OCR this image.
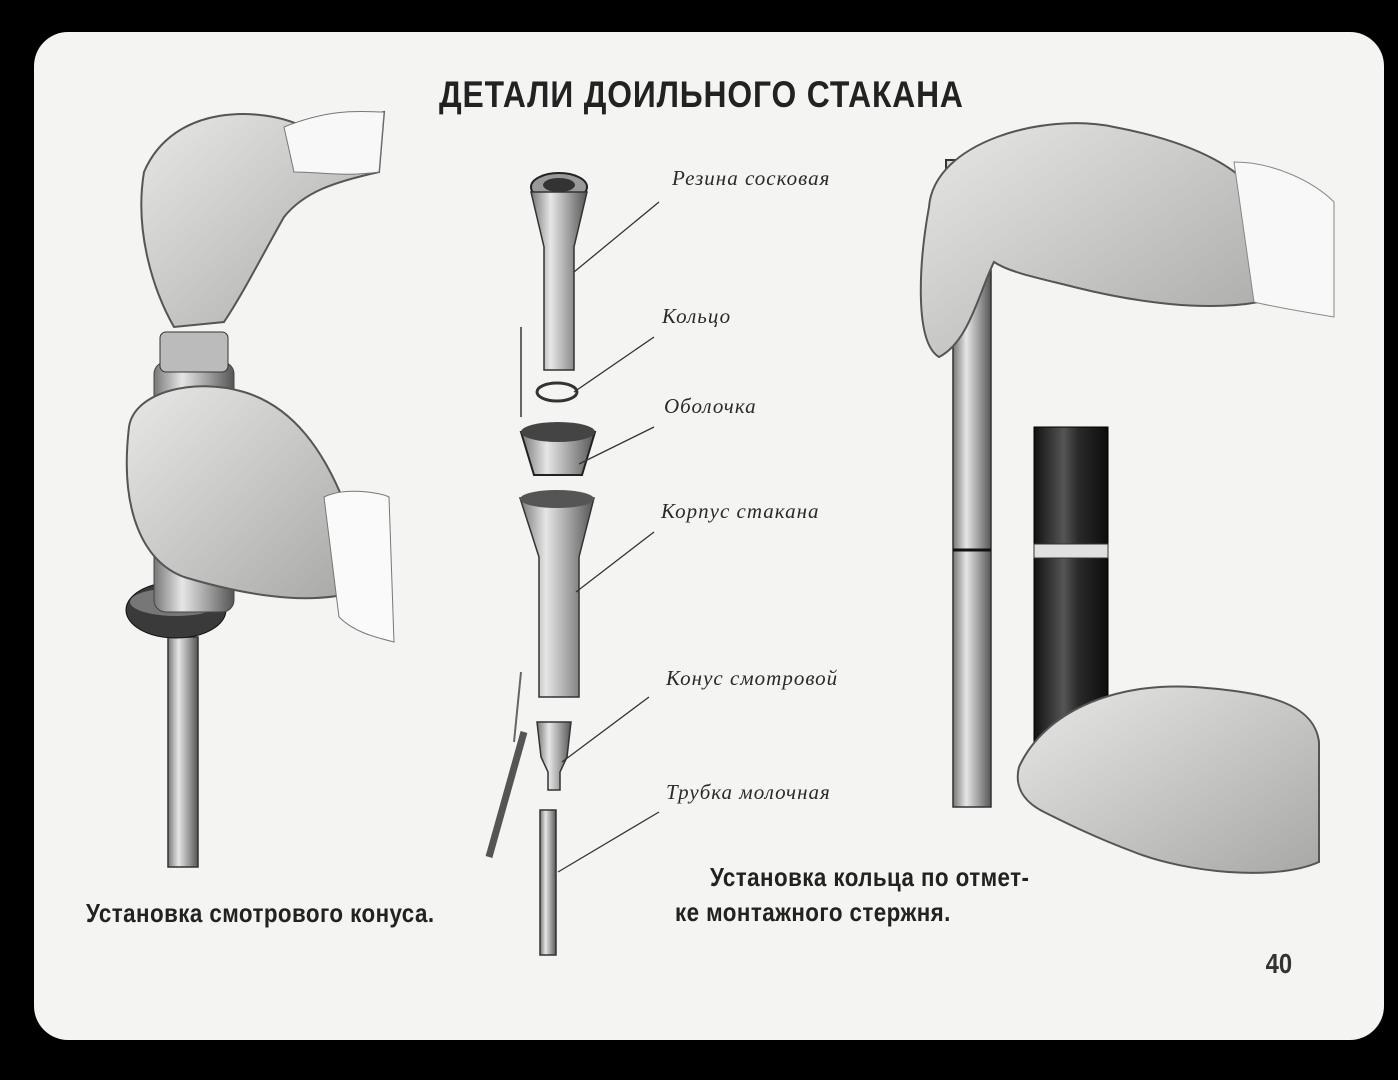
ДЕТАЛИ ДОИЛЬНОГО СТАКАНА
Резина сосковая
Кольцо
Оболочка
Корпус стакана
Конус смотровой
Трубка молочная
Установка смотрового конуса.
Установка кольца по отмет-
ке монтажного стержня.
40
